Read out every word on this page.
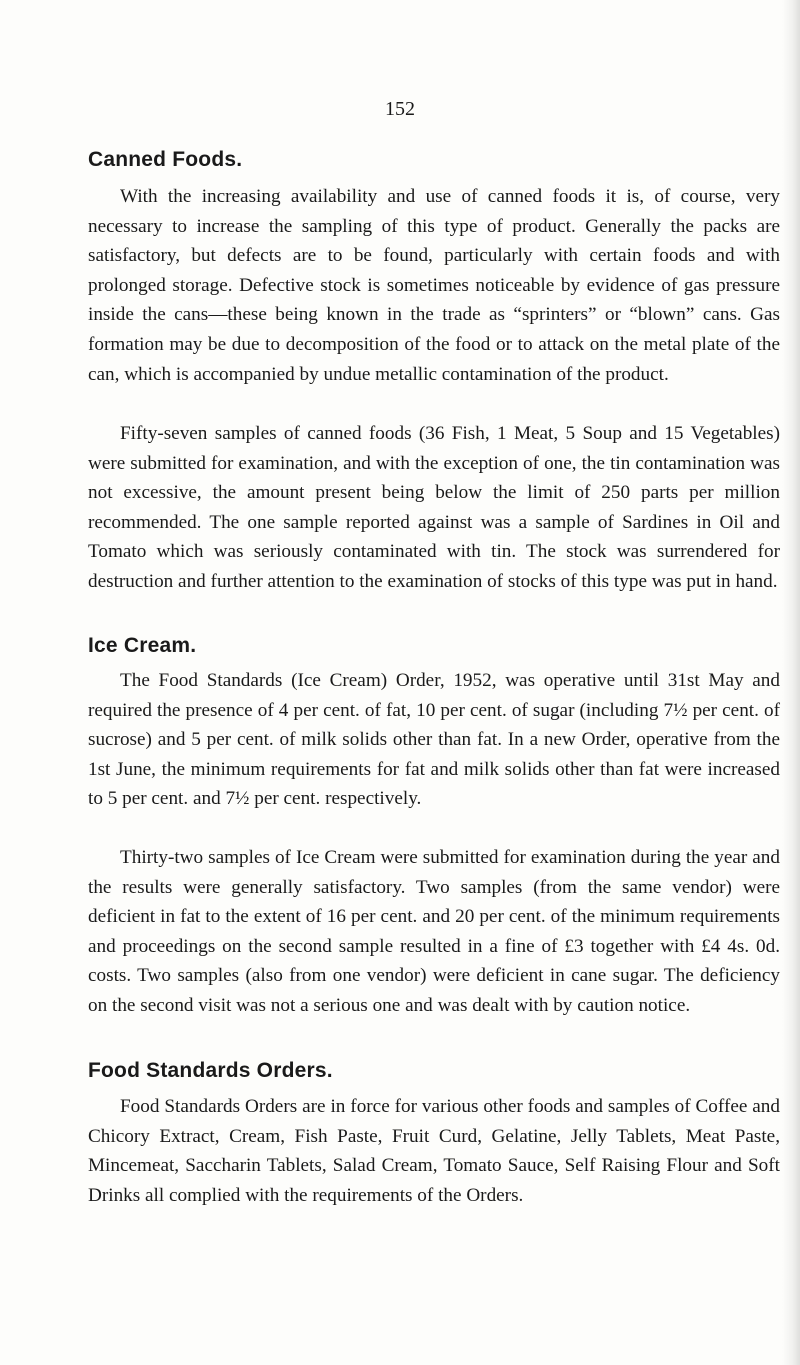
152
Canned Foods.

With the increasing availability and use of canned foods it is, of course, very necessary to increase the sampling of this type of product. Generally the packs are satisfactory, but defects are to be found, particularly with certain foods and with prolonged storage. Defective stock is sometimes noticeable by evidence of gas pressure inside the cans—these being known in the trade as “sprinters” or “blown” cans. Gas formation may be due to decomposition of the food or to attack on the metal plate of the can, which is accompanied by undue metallic contamination of the product.

Fifty-seven samples of canned foods (36 Fish, 1 Meat, 5 Soup and 15 Vegetables) were submitted for examination, and with the exception of one, the tin contamination was not excessive, the amount present being below the limit of 250 parts per million recommended. The one sample reported against was a sample of Sardines in Oil and Tomato which was seriously contaminated with tin. The stock was surrendered for destruction and further attention to the examination of stocks of this type was put in hand.

Ice Cream.

The Food Standards (Ice Cream) Order, 1952, was operative until 31st May and required the presence of 4 per cent. of fat, 10 per cent. of sugar (including 7½ per cent. of sucrose) and 5 per cent. of milk solids other than fat. In a new Order, operative from the 1st June, the minimum requirements for fat and milk solids other than fat were increased to 5 per cent. and 7½ per cent. respectively.

Thirty-two samples of Ice Cream were submitted for examination during the year and the results were generally satisfactory. Two samples (from the same vendor) were deficient in fat to the extent of 16 per cent. and 20 per cent. of the minimum requirements and proceedings on the second sample resulted in a fine of £3 together with £4 4s. 0d. costs. Two samples (also from one vendor) were deficient in cane sugar. The deficiency on the second visit was not a serious one and was dealt with by caution notice.

Food Standards Orders.

Food Standards Orders are in force for various other foods and samples of Coffee and Chicory Extract, Cream, Fish Paste, Fruit Curd, Gelatine, Jelly Tablets, Meat Paste, Mincemeat, Saccharin Tablets, Salad Cream, Tomato Sauce, Self Raising Flour and Soft Drinks all complied with the requirements of the Orders.
